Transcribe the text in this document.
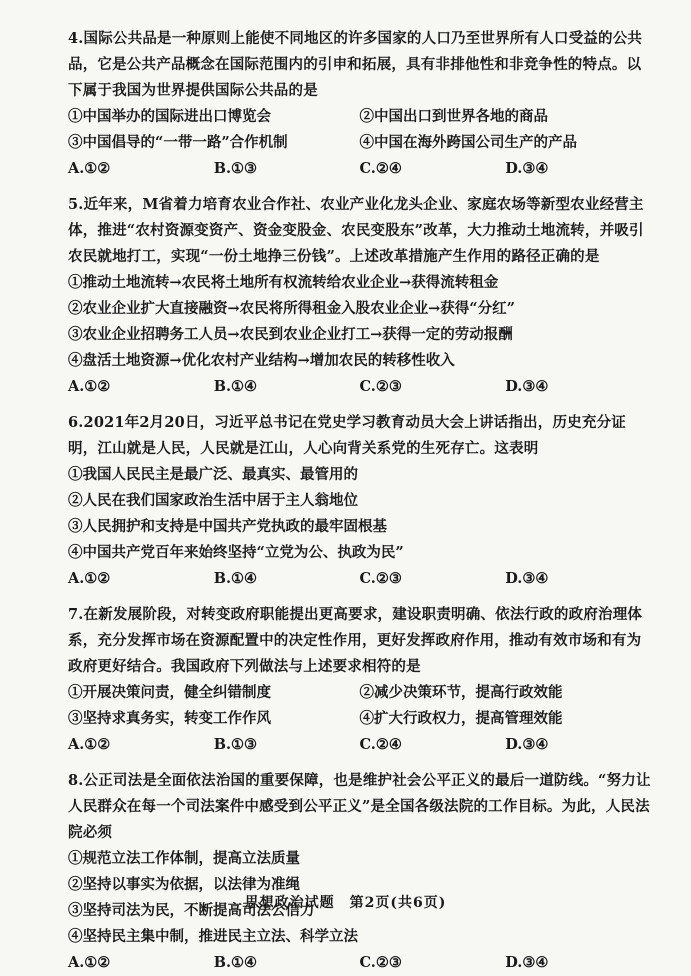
4.国际公共品是一种原则上能使不同地区的许多国家的人口乃至世界所有人口受益的公共品，它是公共产品概念在国际范围内的引申和拓展，具有非排他性和非竞争性的特点。以下属于我国为世界提供国际公共品的是
①中国举办的国际进出口博览会	②中国出口到世界各地的商品
③中国倡导的“一带一路”合作机制	④中国在海外跨国公司生产的产品
A.①②	B.①③	C.②④	D.③④
5.近年来，M省着力培育农业合作社、农业产业化龙头企业、家庭农场等新型农业经营主体，推进“农村资源变资产、资金变股金、农民变股东”改革，大力推动土地流转，并吸引农民就地打工，实现“一份土地挣三份钱”。上述改革措施产生作用的路径正确的是
①推动土地流转→农民将土地所有权流转给农业企业→获得流转租金
②农业企业扩大直接融资→农民将所得租金入股农业企业→获得“分红”
③农业企业招聘务工人员→农民到农业企业打工→获得一定的劳动报酬
④盘活土地资源→优化农村产业结构→增加农民的转移性收入
A.①②	B.①④	C.②③	D.③④
6.2021年2月20日，习近平总书记在党史学习教育动员大会上讲话指出，历史充分证明，江山就是人民，人民就是江山，人心向背关系党的生死存亡。这表明
①我国人民民主是最广泛、最真实、最管用的
②人民在我们国家政治生活中居于主人翁地位
③人民拥护和支持是中国共产党执政的最牢固根基
④中国共产党百年来始终坚持“立党为公、执政为民”
A.①②	B.①④	C.②③	D.③④
7.在新发展阶段，对转变政府职能提出更高要求，建设职责明确、依法行政的政府治理体系，充分发挥市场在资源配置中的决定性作用，更好发挥政府作用，推动有效市场和有为政府更好结合。我国政府下列做法与上述要求相符的是
①开展决策问责，健全纠错制度	②减少决策环节，提高行政效能
③坚持求真务实，转变工作作风	④扩大行政权力，提高管理效能
A.①②	B.①③	C.②④	D.③④
8.公正司法是全面依法治国的重要保障，也是维护社会公平正义的最后一道防线。“努力让人民群众在每一个司法案件中感受到公平正义”是全国各级法院的工作目标。为此，人民法院必须
①规范立法工作体制，提高立法质量
②坚持以事实为依据，以法律为准绳
③坚持司法为民，不断提高司法公信力
④坚持民主集中制，推进民主立法、科学立法
A.①②	B.①④	C.②③	D.③④
思想政治试题　第2页(共6页)
